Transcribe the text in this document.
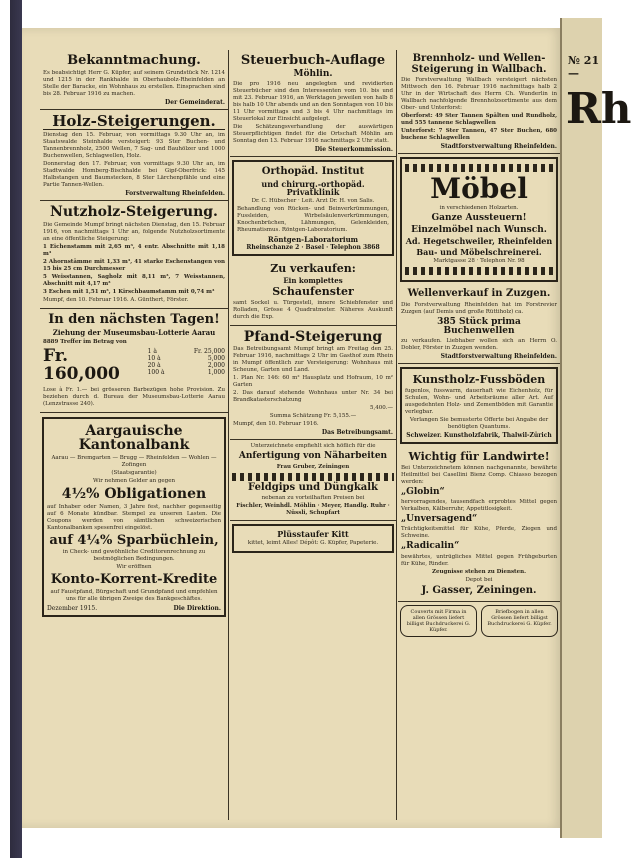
Bekanntmachung.
Es beabsichtigt Herr G. Küpfer, auf seinem Grundstück Nr. 1214 und 1215 in der Rankhalde in Oberhaubolz-Rheinfelden an Stelle der Baracke, ein Wohnhaus zu erstellen. Einsprachen sind bis 28. Februar 1916 zu machen.
Der Gemeinderat.
Holz-Steigerungen.
Dienstag den 15. Februar, von vormittags 9.30 Uhr an, im Staatswalde Steinhalde versteigert: 93 Ster Buchen- und Tannenbrennholz, 2500 Wellen, 7 Sag- und Bauhölzer und 1000 Buchenwellen, Schlagwellen, Holz.
Donnerstag den 17. Februar, von vormittags 9.30 Uhr an, im Stadtwalde Homberg-Bischhalde bei Gipf-Oberfrick: 145 Halbstangen und Baumstecken, 8 Ster Lärchenpfähle und eine Partie Tannen-Wellen.
Forstverwaltung Rheinfelden.
Nutzholz-Steigerung.
Die Gemeinde Mumpf bringt nächsten Dienstag, den 15. Februar 1916, von nachmittags 1 Uhr an, folgende Nutzholzsortimente an eine öffentliche Steigerung:
1 Eichenstamm mit 2,65 m³, 4 entr. Abschnitte mit 1,18 m³
2 Ahornstämme mit 1,33 m³, 41 starke Eschenstangen von 15 bis 25 cm Durchmesser
5 Weisstannen, Sagholz mit 8,11 m³, 7 Weisstannen, Abschnitt mit 4,17 m³
3 Eschen mit 1,51 m³, 1 Kirschbaumstamm mit 0,74 m³
Mumpf, den 10. Februar 1916. A. Günthert, Förster.
In den nächsten Tagen!
Ziehung der Museumsbau-Lotterie Aarau
8889 Treffer im Betrag von
Fr. 160,000
1 à	Fr. 25,000
10 à	5,000
20 à	2,000
100 à	1,000
Lose à Fr. 1.— bei grösseren Barbezügen hohe Provision. Zu beziehen durch d. Bureau der Museumsbau-Lotterie Aarau (Lenzstrasse 240).
Aargauische Kantonalbank
Aarau — Bremgarten — Brugg — Rheinfelden — Wohlen — Zofingen
(Staatsgarantie)
Wir nehmen Gelder an gegen
4½% Obligationen
auf Inhaber oder Namen, 3 Jahre fest, nachher gegenseitig auf 6 Monate kündbar. Stempel zu unseren Lasten. Die Coupons werden von sämtlichen schweizerischen Kantonalbanken spesenfrei eingelöst.
auf 4¼% Sparbüchlein,
in Check- und gewöhnliche Creditorenrechnung zu bestmöglichen Bedingungen.
Wir eröffnen
Konto-Korrent-Kredite
auf Faustpfand, Bürgschaft und Grundpfand und empfehlen uns für alle übrigen Zweige des Bankgeschäftes.
Dezember 1915.	Die Direktion.
Steuerbuch-Auflage
Möhlin.
Die pro 1916 neu angelegten und revidierten Steuerbücher sind den Interessenten vom 10. bis und mit 23. Februar 1916, an Werktagen jeweilen von halb 8 bis halb 10 Uhr abends und an den Sonntagen von 10 bis 11 Uhr vormittags und 3 bis 4 Uhr nachmittags im Steuerlokal zur Einsicht aufgelegt.
Die Schätzungsverhandlung der auswärtigen Steuerpflichtigen findet für die Ortschaft Möhlin am Sonntag den 13. Februar 1916 nachmittags 2 Uhr statt.
Die Steuerkommission.
Orthopäd. Institut
und chirurg.-orthopäd. Privatklinik
Dr. C. Hübscher · Leit. Arzt Dr. H. von Salis.
Behandlung von Rücken- und Beinverkrümmungen, Fussleiden, Wirbelsäulenverkrümmungen, Knochenbrüchen, Lähmungen, Gelenkleiden, Rheumatismus. Röntgen-Laboratorium.
Röntgen-Laboratorium
Rheinschanze 2 · Basel · Telephon 3868
Zu verkaufen:
Ein komplettes
Schaufenster
samt Sockel u. Türgestell, innere Schiebfenster und Rolladen, Grösse 4 Quadratmeter. Näheres Auskunft durch die Exp.
Pfand-Steigerung
Das Betreibungsamt Mumpf bringt am Freitag den 25. Februar 1916, nachmittags 2 Uhr im Gasthof zum Rhein in Mumpf öffentlich zur Versteigerung: Wohnhaus mit Scheune, Garten und Land.
1. Plan Nr. 146: 60 m² Hausplatz und Hofraum, 10 m² Garten
2. Das darauf stehende Wohnhaus unter Nr. 34 bei Brandkatasterschatzung
5,400.—
Summa Schätzung Fr. 5,155.—
Mumpf, den 10. Februar 1916.
Das Betreibungsamt.
Unterzeichnete empfiehlt sich höflich für die
Anfertigung von Näharbeiten
Frau Gruber, Zeiningen
Feldgips und Düngkalk
nebenan zu vorteilhaften Preisen bei
Fischler, Weinhdl. Möhlin · Meyer, Handlg. Ruhr · Nüssli, Schupfart
Plüsstaufer Kitt
kittet, leimt Alles! Dépôt: G. Küpfer, Papeterie.
Brennholz- und Wellen-Steigerung in Wallbach.
Die Forstverwaltung Wallbach versteigert nächsten Mittwoch den 16. Februar 1916 nachmittags halb 2 Uhr in der Wirtschaft des Herrn Ch. Wunderlin in Wallbach nachfolgende Brennholzsortimente aus dem Ober- und Unterforst:
Oberforst: 49 Ster Tannen Spälten und Rundholz, und 555 tannene Schlagwellen
Unterforst: 7 Ster Tannen, 47 Ster Buchen, 680 buchene Schlagwellen
Stadtforstverwaltung Rheinfelden.
Möbel
in verschiedenen Holzarten.
Ganze Aussteuern!
Einzelmöbel nach Wunsch.
Ad. Hegetschweiler, Rheinfelden
Bau- und Möbelschreinerei.
Marktgasse 28 · Telephon Nr. 98
Wellenverkauf in Zuzgen.
Die Forstverwaltung Rheinfelden hat im Forstrevier Zuzgen (auf Demis und große Rüttiholz) ca.
385 Stück prima Buchenwellen
zu verkaufen. Liebhaber wollen sich an Herrn O. Dobler, Förster in Zuzgen wenden.
Stadtforstverwaltung Rheinfelden.
Kunstholz-Fussböden
fugenlos, fusswarm, dauerhaft wie Eichenholz, für Schulen, Wohn- und Arbeitsräume aller Art. Auf ausgedehnten Holz- und Zementböden mit Garantie verlegbar.
Verlangen Sie bemusterte Offerte bei Angabe der benötigten Quantums.
Schweizer. Kunstholzfabrik, Thalwil-Zürich
Wichtig für Landwirte!
Bei Unterzeichnetem können nachgenannte, bewährte Heilmittel bei Casellini Bienz Comp. Chiasso bezogen werden:
„Globin“
hervorragendes, tausendfach erprobtes Mittel gegen Verkalben, Kälberruhr, Appetitlosigkeit.
„Unversagend“
Trächtigkeitsmittel für Kühe, Pferde, Ziegen und Schweine.
„Radicalin“
bewährtes, untrügliches Mittel gegen Frühgeburten für Kühe, Rinder.
Zeugnisse stehen zu Diensten.
Depot bei
J. Gasser, Zeiningen.
Couverts mit Firma in allen Grössen liefert billigst Buchdruckerei G. Küpfer.
Briefbogen in allen Grössen liefert billigst Buchdruckerei G. Küpfer.
№ 21 —
Rh
